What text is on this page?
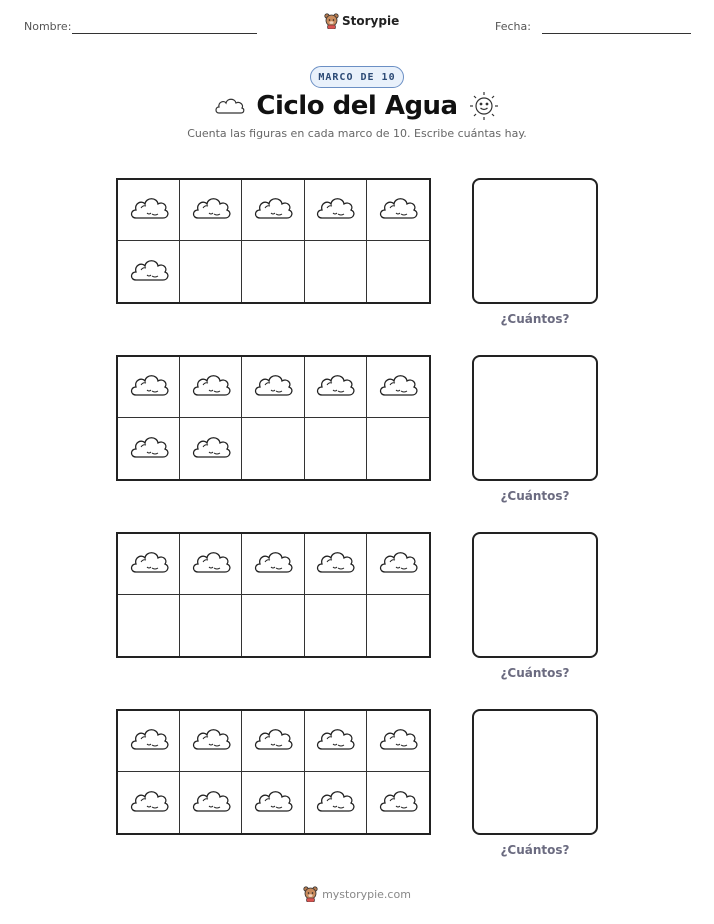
Nombre:	Storypie	Fecha:
MARCO DE 10
Ciclo del Agua
Cuenta las figuras en cada marco de 10. Escribe cuántas hay.
¿Cuántos?
¿Cuántos?
¿Cuántos?
¿Cuántos?
mystorypie.com
